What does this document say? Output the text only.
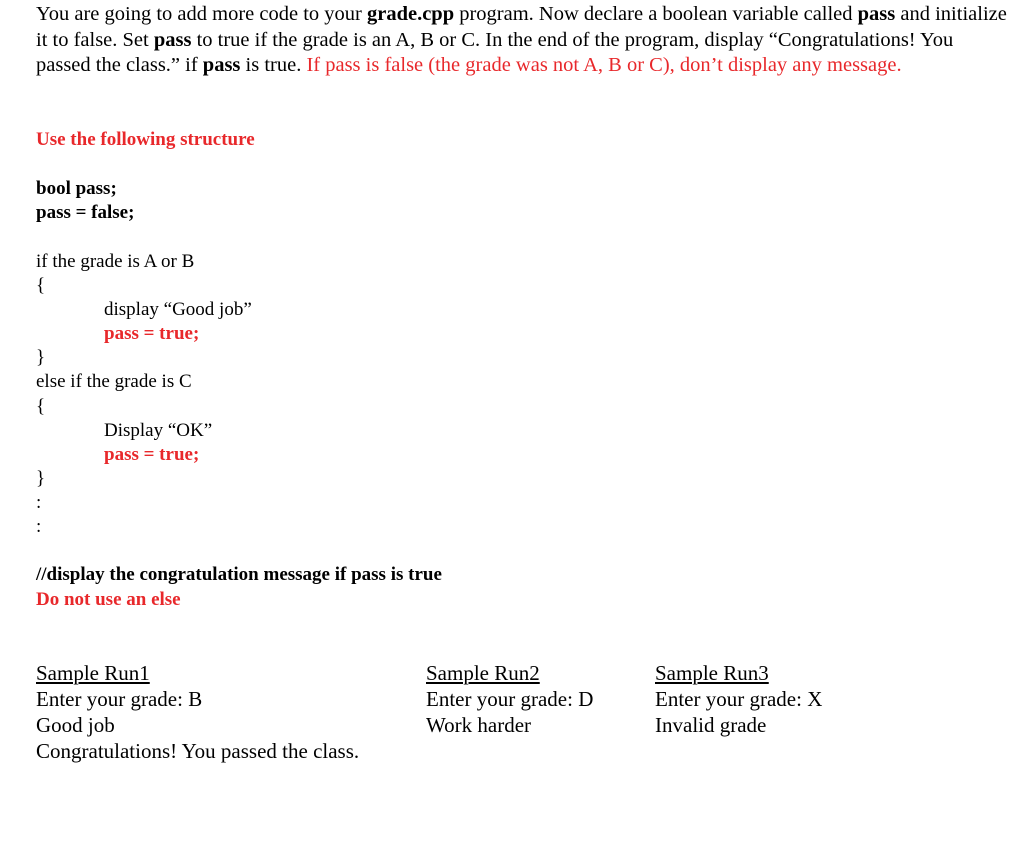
You are going to add more code to your grade.cpp program. Now declare a boolean variable called pass and initialize it to false. Set pass to true if the grade is an A, B or C. In the end of the program, display “Congratulations! You passed the class.” if pass is true. If pass is false (the grade was not A, B or C), don’t display any message.
Use the following structure
bool pass;
pass = false;
if the grade is A or B
{
display “Good job”
pass = true;
}
else if the grade is C
{
Display “OK”
pass = true;
}
:
:
//display the congratulation message if pass is true
Do not use an else
Sample Run1
Enter your grade: B
Good job
Congratulations! You passed the class.
Sample Run2
Enter your grade: D
Work harder
Sample Run3
Enter your grade: X
Invalid grade
